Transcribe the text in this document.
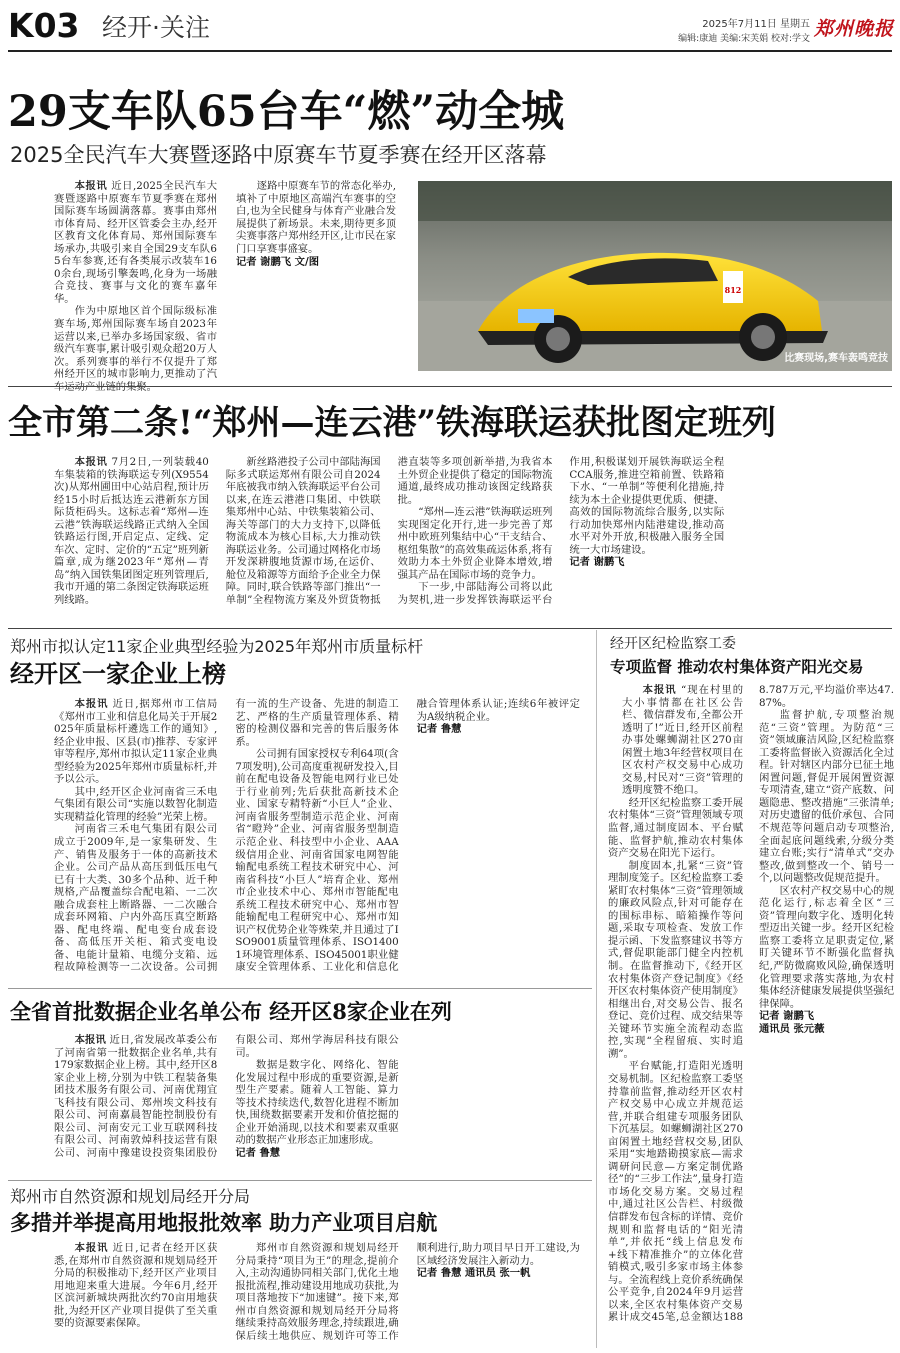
K03 经开·关注	2025年7月11日 星期五
编辑:康迪 美编:宋芙娟 校对:学文 郑州晚报
29支车队65台车“燃”动全城
2025全民汽车大赛暨逐路中原赛车节夏季赛在经开区落幕

本报讯 近日,2025全民汽车大赛暨逐路中原赛车节夏季赛在郑州国际赛车场圆满落幕。赛事由郑州市体育局、经开区管委会主办,经开区教育文化体育局、郑州国际赛车场承办,共吸引来自全国29支车队65台车参赛,还有各类展示改装车160余台,现场引擎轰鸣,化身为一场融合竞技、赛事与文化的赛车嘉年华。

作为中原地区首个国际级标准赛车场,郑州国际赛车场自2023年运营以来,已举办多场国家级、省市级汽车赛事,累计吸引观众超20万人次。系列赛事的举行不仅提升了郑州经开区的城市影响力,更推动了汽

逐路中原赛车节的常态化举办,填补了中原地区高端汽车赛事的空白,也为全民健身与体育产业融合发展提供了新场景。未来,期待更多顶尖赛事落户郑州经开区,让市民在家门口享赛事盛宴。

记者 谢鹏飞 文/图

812
比赛现场,赛车轰鸣竞技
全市第二条!“郑州—连云港”铁海联运获批图定班列

本报讯 7月2日,一列装载40车集装箱的铁海联运专列(X9554次)从郑州圃田中心站启程,预计历经15小时后抵达连云港新东方国际货柜码头。这标志着“郑州—连云港”铁海联运线路正式纳入全国铁路运行图,开启定点、定线、定车次、定时、定价的“五定”班列新篇章,成为继2023年“郑州—青岛”纳入国铁集团图定班列管理后,我市开通的第二条图定铁海联运班列线路。

新丝路港投子公司中部陆海国际多式联运郑州有限公司自2024年底被我市纳入铁海联运平台公司以来,在连云港港口集团、中铁联集郑州中心站、中铁集装箱公司、海关等部门的大力支持下,以降低物流成本为核心目标,大力推动铁海联运业务。公司通过网格化市场开发深耕腹地货源市场,在运价、舱位及箱源等方面给予企业全力保障。同时,联合铁路等部门推出“一单制”全程物流方案及外贸货物抵港直装等多项创新举措,为我省本土外贸企业提供了稳定的国际物流通道,最终成功推动该图定线路获批。

“郑州—连云港”铁海联运班列实现图定化开行,进一步完善了郑州中欧班列集结中心“干支结合、枢纽集散”的高效集疏运体系,将有效助力本土外贸企业降本增效,增强其产品在国际市场的竞争力。

下一步,中部陆海公司将以此为契机,进一步发挥铁海联运平台作用,积极谋划开展铁海联运全程CCA服务,推进空箱前置、铁路箱下水、“一单制”等便利化措施,持续为本土企业提供更优质、便捷、高效的国际物流综合服务,以实际行动加快郑州内陆港建设,推动高水平对外开放,积极融入服务全国统一大市场建设。

记者 谢鹏飞

郑州市拟认定11家企业典型经验为2025年郑州市质量标杆
经开区一家企业上榜

本报讯 近日,据郑州市工信局《郑州市工业和信息化局关于开展2025年质量标杆遴选工作的通知》,经企业申报、区县(市)推荐、专家评审等程序,郑州市拟认定11家企业典型经验为2025年郑州市质量标杆,并予以公示。

其中,经开区企业河南省三禾电气集团有限公司“实施以数智化制造实现精益化管理的经验”光荣上榜。

河南省三禾电气集团有限公司成立于2009年,是一家集研发、生产、销售及服务于一体的高新技术企业。公司产品从高压到低压电气已有十大类、30多个品种、近千种规格,产品覆盖综合配电箱、一二次融合成套柱上断路器、一二次融合成套环网箱、户内外高压真空断路器、配电终端、配电变台成套设备、高低压开关柜、箱式变电设备、电能计量箱、电缆分支箱、远程故障检测等一二次设备。公司拥有一流的生产设备、先进的制造工艺、严格的生产质量管理体系、精密的检测仪器和完善的售后服务体系。

公司拥有国家授权专利64项(含7项发明),公司高度重视研发投入,目前在配电设备及智能电网行业已处于行业前列;先后获批高新技术企业、国家专精特新“小巨人”企业、河南省服务型制造示范企业、河南省“瞪羚”企业、河南省服务型制造示范企业、科技型中小企业、AAA级信用企业、河南省国家电网智能输配电系统工程技术研究中心、河南省科技“小巨人”培育企业、郑州市企业技术中心、郑州市智能配电系统工程技术研究中心、郑州市智能输配电工程研究中心、郑州市知识产权优势企业等殊荣,并且通过了ISO9001质量管理体系、ISO14001环境管理体系、ISO45001职业健康安全管理体系、工业化和信息化融合管理体系认证;连续6年被评定为A级纳税企业。

记者 鲁慧

全省首批数据企业名单公布 经开区8家企业在列

本报讯 近日,省发展改革委公布了河南省第一批数据企业名单,共有179家数据企业上榜。其中,经开区8家企业上榜,分别为中铁工程装备集团技术服务有限公司、河南优翔宜飞科技有限公司、郑州埃文科技有限公司、河南嘉晨智能控制股份有限公司、河南安元工业互联网科技有限公司、河南敦焯科技运营有限公司、河南中豫建设投资集团股份有限公司、郑州学海居科技有限公司。

数据是数字化、网络化、智能化发展过程中形成的重要资源,是新型生产要素。随着人工智能、算力等技术持续迭代,数智化进程不断加快,围绕数据要素开发和价值挖掘的企业开始涌现,以技术和要素双重驱动的数据产业形态正加速形成。

记者 鲁慧

郑州市自然资源和规划局经开分局
多措并举提高用地报批效率 助力产业项目启航

本报讯 近日,记者在经开区获悉,在郑州市自然资源和规划局经开分局的积极推动下,经开区产业项目用地迎来重大进展。今年6月,经开区滨河新城块两批次约70亩用地获批,为经开区产业项目提供了至关重要的资源要素保障。

郑州市自然资源和规划局经开分局秉持“项目为王”的理念,提前介入,主动沟通协同相关部门,优化土地报批流程,推动建设用地成功获批,为项目落地按下“加速键”。接下来,郑州市自然资源和规划局经开分局将继续秉持高效服务理念,持续跟进,确保后续土地供应、规划许可等工作顺利进行,助力项目早日开工建设,为区域经济发展注入新动力。

记者 鲁慧 通讯员 张一帆

经开区纪检监察工委
专项监督 推动农村集体资产阳光交易

本报讯 “现在村里的大小事情都在社区公告栏、微信群发布,全都公开透明了!”近日,经开区前程办事处螺蛳湖社区270亩闲置土地3年经营权项目在区农村产权交易中心成功交易,村民对“三资”管理的透明度赞不绝口。

经开区纪检监察工委开展农村集体“三资”管理领域专项监督,通过制度固本、平台赋能、监督护航,推动农村集体资产交易在阳光下运行。

制度固本,扎紧“三资”管理制度笼子。区纪检监察工委紧盯农村集体“三资”管理领域的廉政风险点,针对可能存在的围标串标、暗箱操作等问题,采取专项检查、发放工作提示函、下发监察建议书等方式,督促职能部门健全内控机制。在监督推动下,《经开区农村集体资产登记制度》《经开区农村集体资产使用制度》相继出台,对交易公告、报名登记、竞价过程、成交结果等关键环节实施全流程动态监控,实现“全程留痕、实时追溯”。

平台赋能,打造阳光透明交易机制。区纪检监察工委坚持靠前监督,推动经开区农村产权交易中心成立并规范运营,并联合组建专项服务团队下沉基层。如螺蛳湖社区270亩闲置土地经营权交易,团队采用“实地踏勘摸家底—需求调研问民意—方案定制优路径”的“三步工作法”,量身打造市场化交易方案。交易过程中,通过社区公告栏、村级微信群发布包含标的详情、竞价规则和监督电话的“阳光清单”,并依托“线上信息发布+线下精准推介”的立体化营销模式,吸引多家市场主体参与。全流程线上竞价系统确保公平竞争,自2024年9月运营以来,全区农村集体资产交易累计成交45笔,总金额达1888.787万元,平均溢价率达47.87%。

监督护航,专项整治规范“三资”管理。为防范“三资”领域廉洁风险,区纪检监察工委将监督嵌入资源活化全过程。针对辖区内部分已征土地闲置问题,督促开展闲置资源专项清查,建立“资产底数、问题隐患、整改措施”三张清单;对历史遗留的低价承包、合同不规范等问题启动专项整治,全面起底问题线索,分级分类建立台账;实行“清单式”交办整改,做到整改一个、销号一个,以问题整改促规范提升。

区农村产权交易中心的规范化运行,标志着全区“三资”管理向数字化、透明化转型迈出关键一步。经开区纪检监察工委将立足职责定位,紧盯关键环节不断强化监督执纪,严防微腐败风险,确保透明化管理要求落实落地,为农村集体经济健康发展提供坚强纪律保障。

记者 谢鹏飞

通讯员 张元薇
